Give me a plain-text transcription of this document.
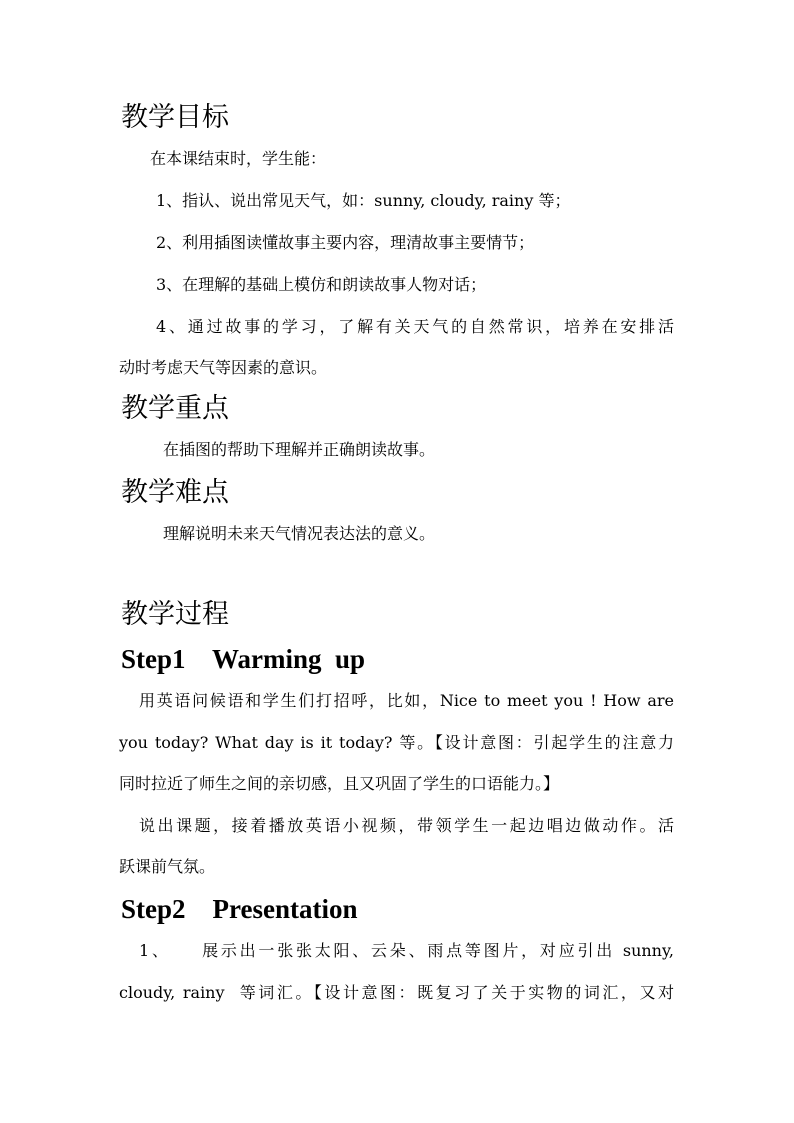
教学目标

在本课结束时，学生能：

1、指认、说出常见天气，如：sunny, cloudy, rainy 等；

2、利用插图读懂故事主要内容，理清故事主要情节；

3、在理解的基础上模仿和朗读故事人物对话；

4、通过故事的学习，了解有关天气的自然常识，培养在安排活

动时考虑天气等因素的意识。

教学重点

在插图的帮助下理解并正确朗读故事。

教学难点

理解说明未来天气情况表达法的意义。

教学过程
Step1    Warming  up

用英语问候语和学生们打招呼，比如，Nice to meet you ! How are

you today? What day is it today? 等。【设计意图：引起学生的注意力

同时拉近了师生之间的亲切感，且又巩固了学生的口语能力。】

说出课题，接着播放英语小视频，带领学生一起边唱边做动作。活

跃课前气氛。

Step2    Presentation

1、    展示出一张张太阳、云朵、雨点等图片，对应引出 sunny,

cloudy, rainy  等词汇。【设计意图：既复习了关于实物的词汇，又对
